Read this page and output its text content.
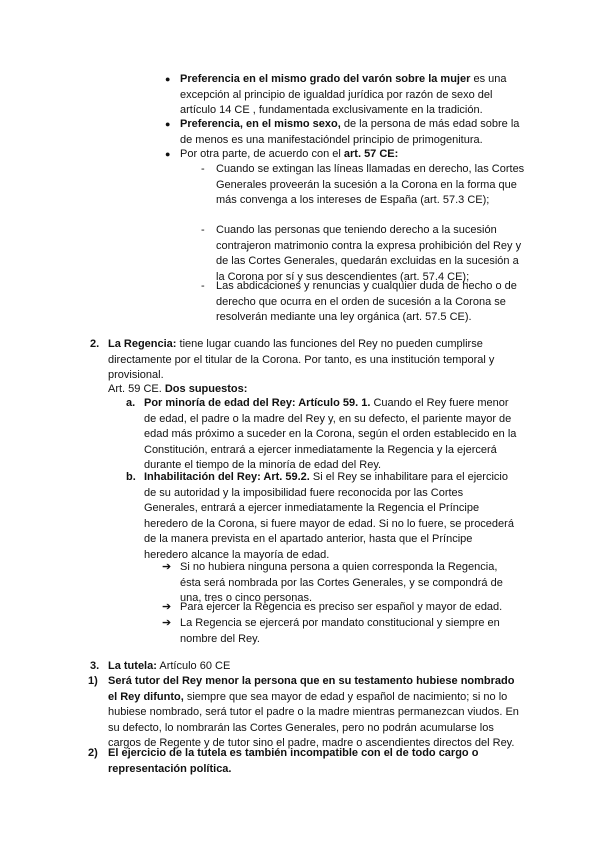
● Preferencia en el mismo grado del varón sobre la mujer es una excepción al principio de igualdad jurídica por razón de sexo del artículo 14 CE , fundamentada exclusivamente en la tradición.

● Preferencia, en el mismo sexo, de la persona de más edad sobre la de menos es una manifestacióndel principio de primogenitura.

● Por otra parte, de acuerdo con el art. 57 CE:

- Cuando se extingan las líneas llamadas en derecho, las Cortes Generales proveerán la sucesión a la Corona en la forma que más convenga a los intereses de España (art. 57.3 CE);

- Cuando las personas que teniendo derecho a la sucesión contrajeron matrimonio contra la expresa prohibición del Rey y de las Cortes Generales, quedarán excluidas en la sucesión a la Corona por sí y sus descendientes (art. 57.4 CE);

- Las abdicaciones y renuncias y cualquier duda de hecho o de derecho que ocurra en el orden de sucesión a la Corona se resolverán mediante una ley orgánica (art. 57.5 CE).

2. La Regencia: tiene lugar cuando las funciones del Rey no pueden cumplirse directamente por el titular de la Corona. Por tanto, es una institución temporal y provisional.

Art. 59 CE. Dos supuestos:

a. Por minoría de edad del Rey: Artículo 59. 1. Cuando el Rey fuere menor de edad, el padre o la madre del Rey y, en su defecto, el pariente mayor de edad más próximo a suceder en la Corona, según el orden establecido en la Constitución, entrará a ejercer inmediatamente la Regencia y la ejercerá durante el tiempo de la minoría de edad del Rey.

b. Inhabilitación del Rey: Art. 59.2. Si el Rey se inhabilitare para el ejercicio de su autoridad y la imposibilidad fuere reconocida por las Cortes Generales, entrará a ejercer inmediatamente la Regencia el Príncipe heredero de la Corona, si fuere mayor de edad. Si no lo fuere, se procederá de la manera prevista en el apartado anterior, hasta que el Príncipe heredero alcance la mayoría de edad.

➔ Si no hubiera ninguna persona a quien corresponda la Regencia, ésta será nombrada por las Cortes Generales, y se compondrá de una, tres o cinco personas.

➔ Para ejercer la Regencia es preciso ser español y mayor de edad.

➔ La Regencia se ejercerá por mandato constitucional y siempre en nombre del Rey.

3. La tutela: Artículo 60 CE

1) Será tutor del Rey menor la persona que en su testamento hubiese nombrado el Rey difunto, siempre que sea mayor de edad y español de nacimiento; si no lo hubiese nombrado, será tutor el padre o la madre mientras permanezcan viudos. En su defecto, lo nombrarán las Cortes Generales, pero no podrán acumularse los cargos de Regente y de tutor sino el padre, madre o ascendientes directos del Rey.

2) El ejercicio de la tutela es también incompatible con el de todo cargo o representación política.
